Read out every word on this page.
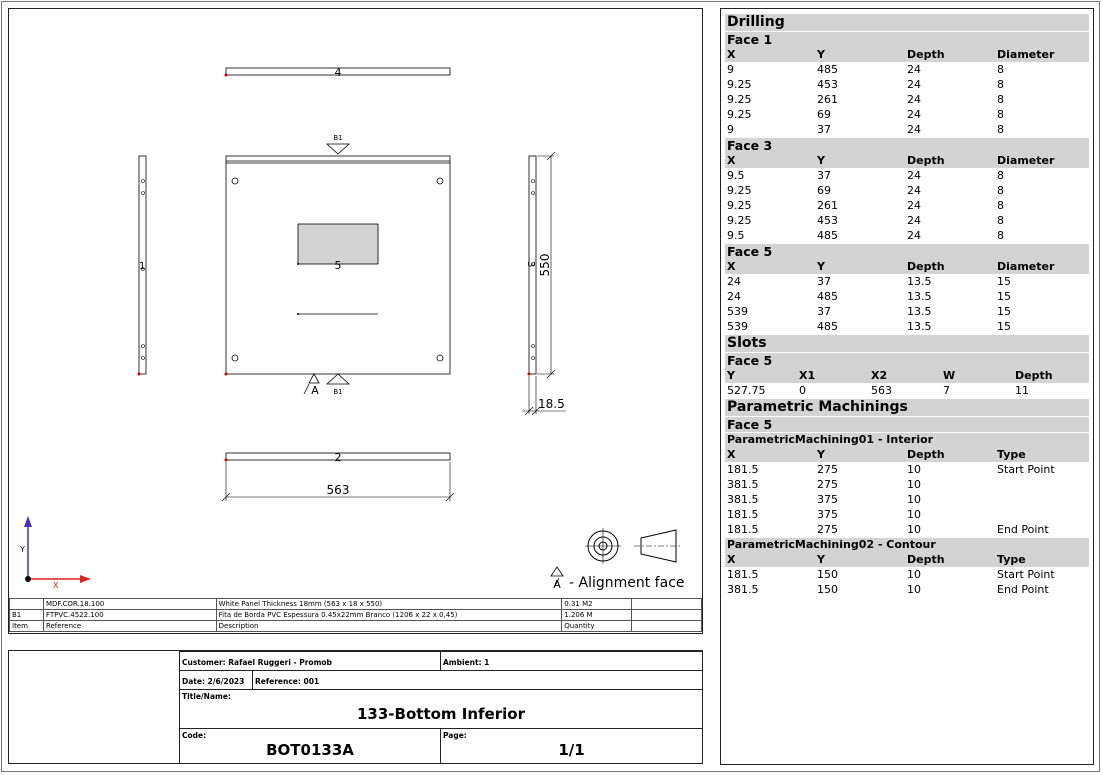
4
B1
5
A B1
1	3 550
18.5
2
563
Y
X	A - Alignment face
	MDF.COR.18.100	White Panel Thickness 18mm (563 x 18 x 550)	0.31 M2	
B1	FTPVC.4522.100	Fita de Borda PVC Espessura 0.45x22mm Branco (1206 x 22 x 0,45)	1.206 M	
Item	Reference	Description	Quantity	
Customer: Rafael Ruggeri - Promob	Ambient: 1
Date: 2/6/2023 Reference: 001
Title/Name:
133-Bottom Inferior
Code:
BOT0133A
Page:
1/1
Drilling
Face 1
X	Y	Depth	Diameter
9	485	24	8
9.25	453	24	8
9.25	261	24	8
9.25	69	24	8
9	37	24	8
Face 3
X	Y	Depth	Diameter
9.5	37	24	8
9.25	69	24	8
9.25	261	24	8
9.25	453	24	8
9.5	485	24	8
Face 5
X	Y	Depth	Diameter
24	37	13.5	15
24	485	13.5	15
539	37	13.5	15
539	485	13.5	15
Slots
Face 5
Y	X1	X2	W	Depth
527.75	0	563	7	11
Parametric Machinings
Face 5
ParametricMachining01 - Interior
X	Y	Depth	Type
181.5	275	10	Start Point
381.5	275	10
381.5	375	10
181.5	375	10
181.5	275	10	End Point
ParametricMachining02 - Contour
X	Y	Depth	Type
181.5	150	10	Start Point
381.5	150	10	End Point
